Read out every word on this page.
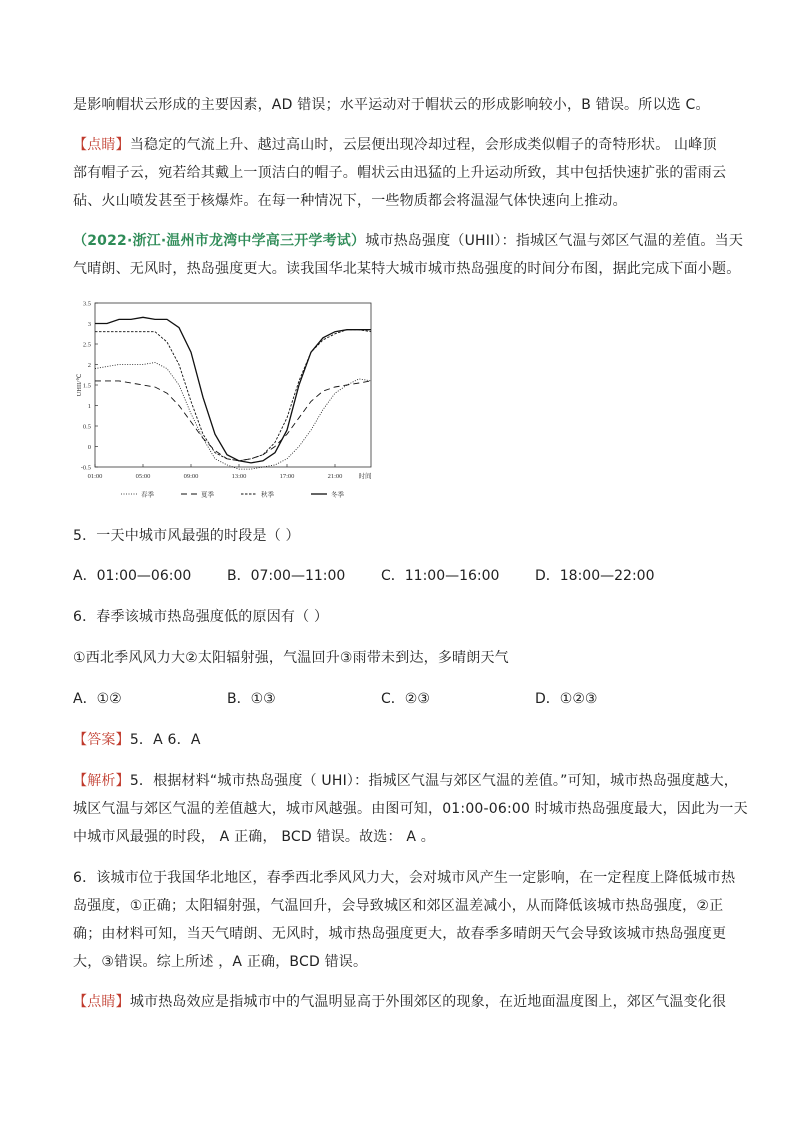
是影响帽状云形成的主要因素，AD 错误；水平运动对于帽状云的形成影响较小，B 错误。所以选 C。
【点睛】当稳定的气流上升、越过高山时，云层便出现冷却过程，会形成类似帽子的奇特形状。 山峰顶
部有帽子云，宛若给其戴上一顶洁白的帽子。帽状云由迅猛的上升运动所致，其中包括快速扩张的雷雨云
砧、火山喷发甚至于核爆炸。在每一种情况下，一些物质都会将温湿气体快速向上推动。
（2022·浙江·温州市龙湾中学高三开学考试）城市热岛强度（UHII）：指城区气温与郊区气温的差值。当天
气晴朗、无风时，热岛强度更大。读我国华北某特大城市城市热岛强度的时间分布图，据此完成下面小题。
-0.5
0
0.5
1
1.5
2
2.5
3
3.5
01:00	05:00	09:00	13:00	17:00	21:00 时间
UHII/℃
春季	夏季	秋季	冬季
5．一天中城市风最强的时段是（ ）
A．01:00—06:00	B．07:00—11:00	C．11:00—16:00	D．18:00—22:00
6．春季该城市热岛强度低的原因有（ ）
①西北季风风力大②太阳辐射强，气温回升③雨带未到达，多晴朗天气
A．①②	B．①③	C．②③	D．①②③
【答案】5．A 6．A
【解析】5．根据材料“城市热岛强度（ UHI）：指城区气温与郊区气温的差值。”可知，城市热岛强度越大，
城区气温与郊区气温的差值越大，城市风越强。由图可知，01:00-06:00 时城市热岛强度最大，因此为一天
中城市风最强的时段， A 正确， BCD 错误。故选： A 。
6．该城市位于我国华北地区，春季西北季风风力大，会对城市风产生一定影响，在一定程度上降低城市热
岛强度，①正确；太阳辐射强，气温回升，会导致城区和郊区温差减小，从而降低该城市热岛强度，②正
确；由材料可知，当天气晴朗、无风时，城市热岛强度更大，故春季多晴朗天气会导致该城市热岛强度更
大，③错误。综上所述 ，A 正确，BCD 错误。
【点睛】城市热岛效应是指城市中的气温明显高于外围郊区的现象，在近地面温度图上，郊区气温变化很
